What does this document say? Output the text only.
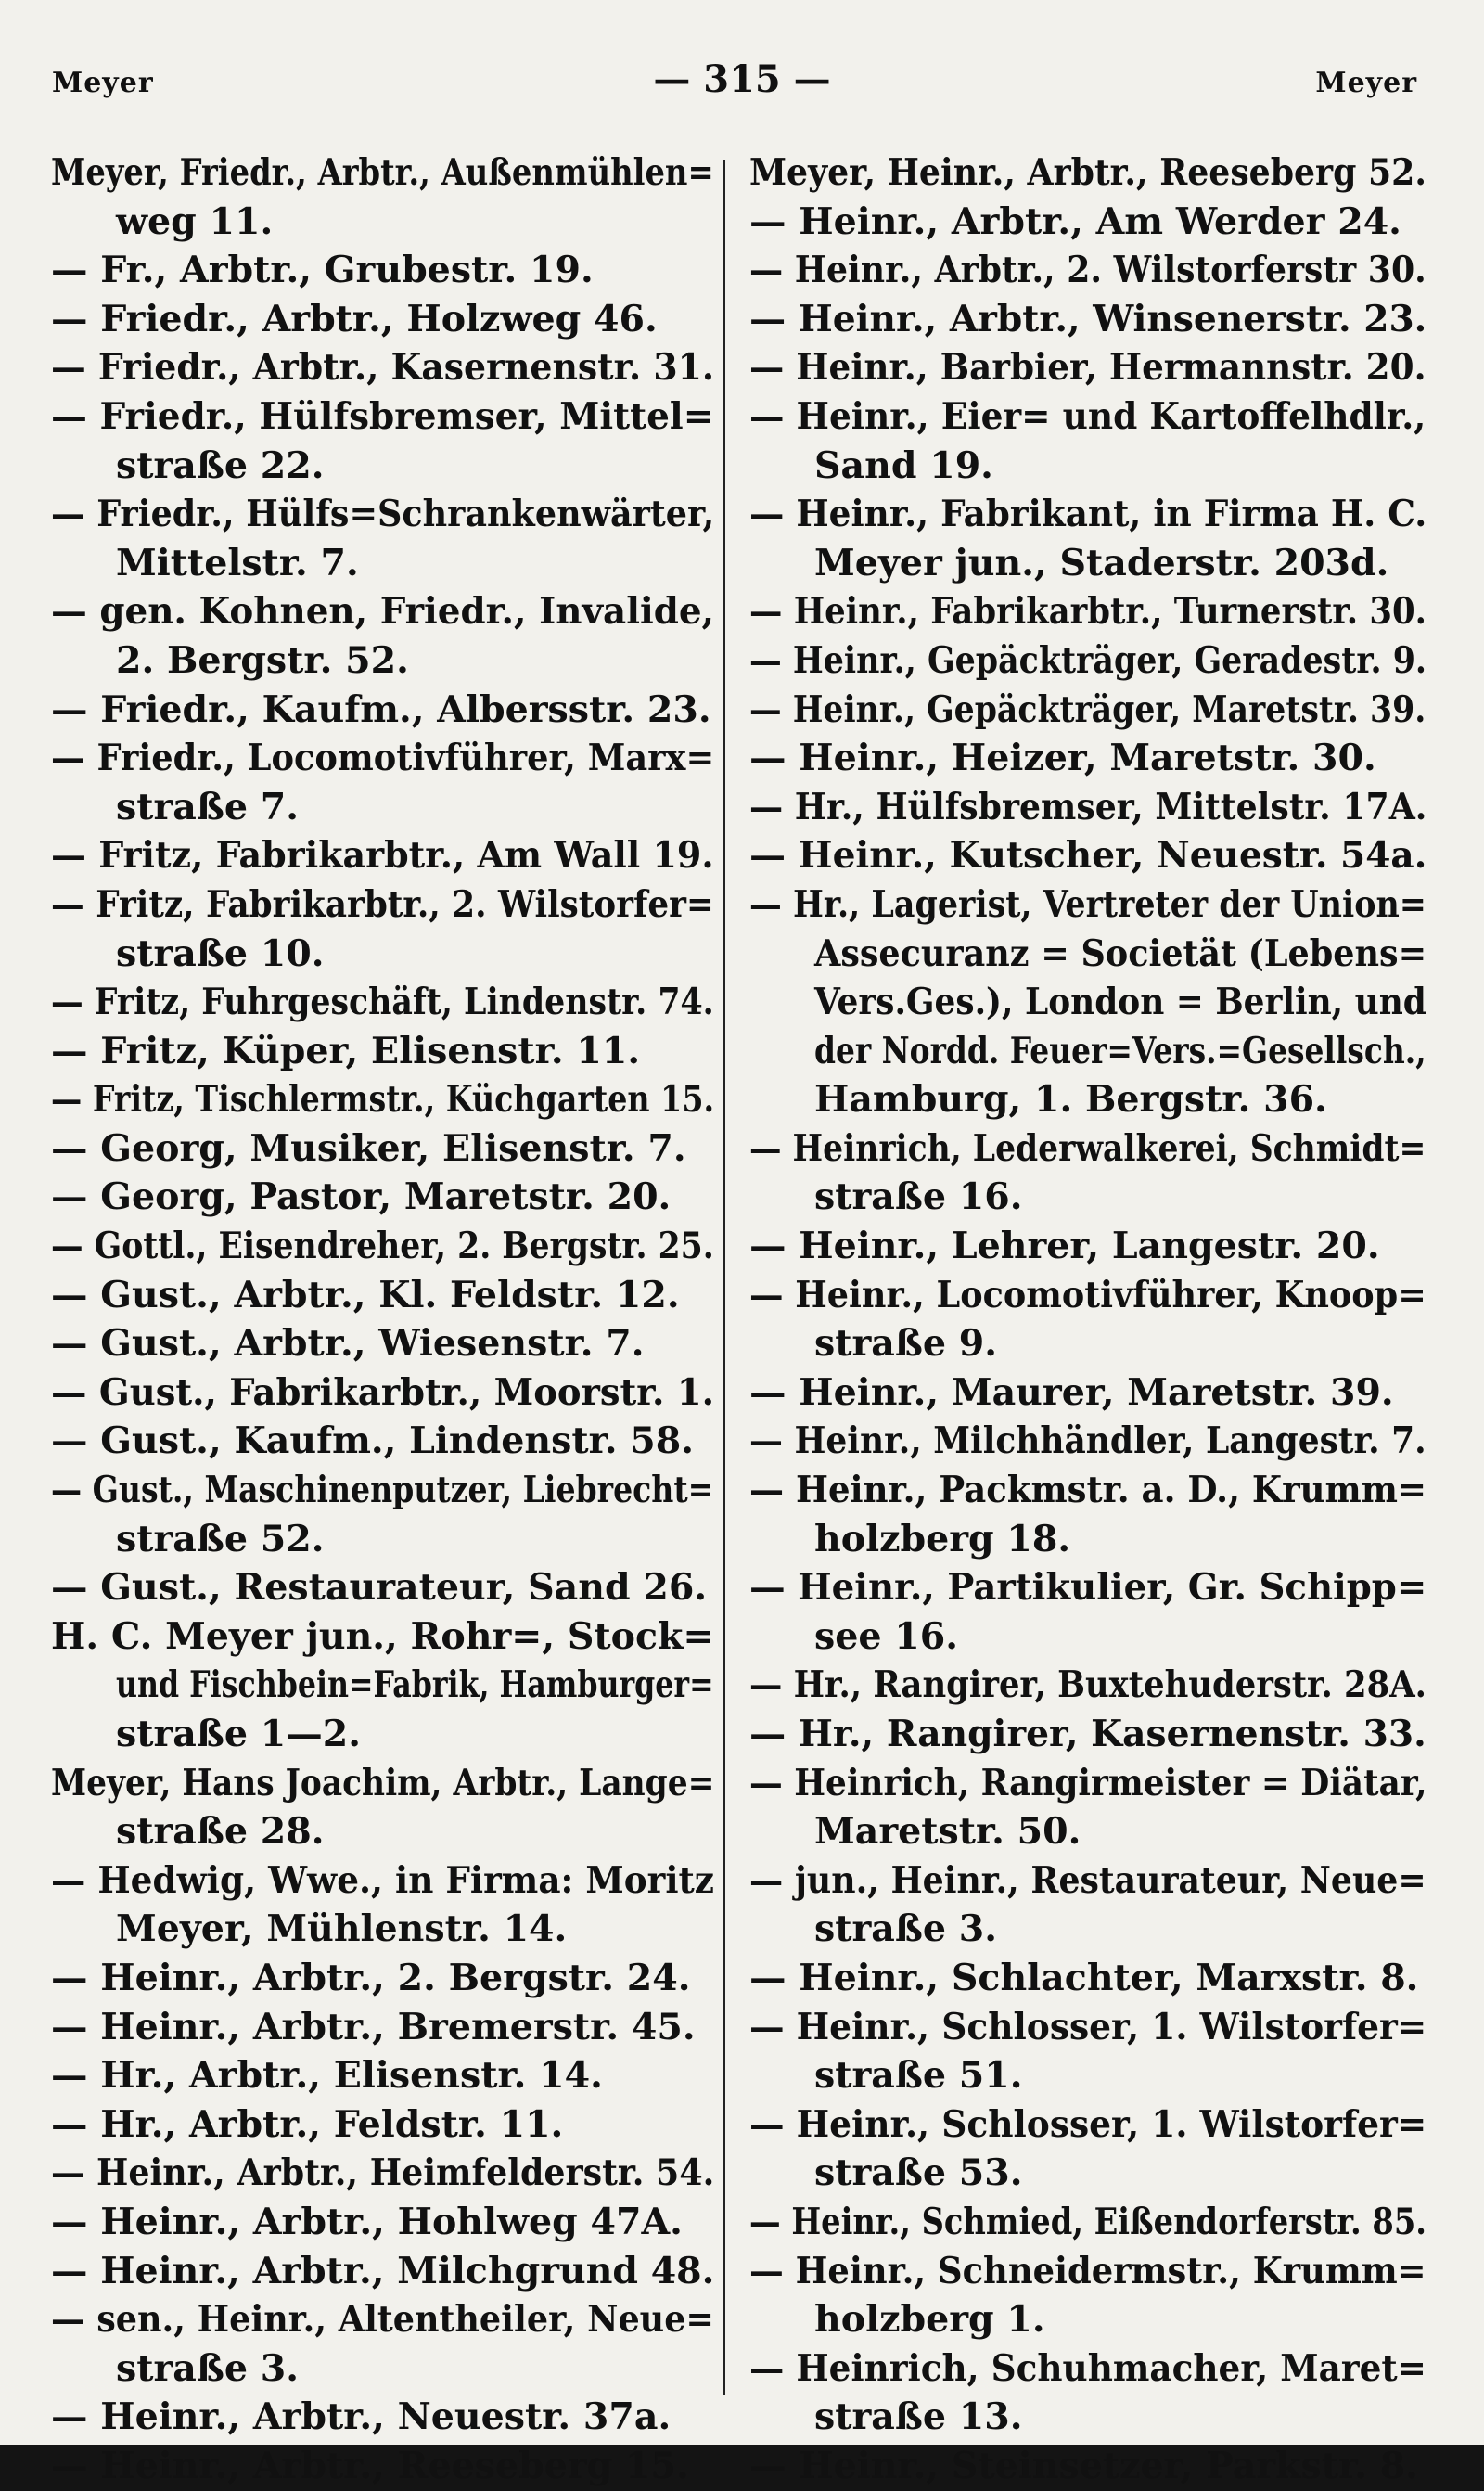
Meyer	— 315 —	Meyer
Meyer, Friedr., Arbtr., Außenmühlen=
weg 11.
— Fr., Arbtr., Grubestr. 19.
— Friedr., Arbtr., Holzweg 46.
— Friedr., Arbtr., Kasernenstr. 31.
— Friedr., Hülfsbremser, Mittel=
straße 22.
— Friedr., Hülfs=Schrankenwärter,
Mittelstr. 7.
— gen. Kohnen, Friedr., Invalide,
2. Bergstr. 52.
— Friedr., Kaufm., Albersstr. 23.
— Friedr., Locomotivführer, Marx=
straße 7.
— Fritz, Fabrikarbtr., Am Wall 19.
— Fritz, Fabrikarbtr., 2. Wilstorfer=
straße 10.
— Fritz, Fuhrgeschäft, Lindenstr. 74.
— Fritz, Küper, Elisenstr. 11.
— Fritz, Tischlermstr., Küchgarten 15.
— Georg, Musiker, Elisenstr. 7.
— Georg, Pastor, Maretstr. 20.
— Gottl., Eisendreher, 2. Bergstr. 25.
— Gust., Arbtr., Kl. Feldstr. 12.
— Gust., Arbtr., Wiesenstr. 7.
— Gust., Fabrikarbtr., Moorstr. 1.
— Gust., Kaufm., Lindenstr. 58.
— Gust., Maschinenputzer, Liebrecht=
straße 52.
— Gust., Restaurateur, Sand 26.
H. C. Meyer jun., Rohr=, Stock=
und Fischbein=Fabrik, Hamburger=
straße 1—2.
Meyer, Hans Joachim, Arbtr., Lange=
straße 28.
— Hedwig, Wwe., in Firma: Moritz
Meyer, Mühlenstr. 14.
— Heinr., Arbtr., 2. Bergstr. 24.
— Heinr., Arbtr., Bremerstr. 45.
— Hr., Arbtr., Elisenstr. 14.
— Hr., Arbtr., Feldstr. 11.
— Heinr., Arbtr., Heimfelderstr. 54.
— Heinr., Arbtr., Hohlweg 47A.
— Heinr., Arbtr., Milchgrund 48.
— sen., Heinr., Altentheiler, Neue=
straße 3.
— Heinr., Arbtr., Neuestr. 37a.
— Heinr., Arbtr., Reeseberg 15.
Meyer, Heinr., Arbtr., Reeseberg 52.
— Heinr., Arbtr., Am Werder 24.
— Heinr., Arbtr., 2. Wilstorferstr 30.
— Heinr., Arbtr., Winsenerstr. 23.
— Heinr., Barbier, Hermannstr. 20.
— Heinr., Eier= und Kartoffelhdlr.,
Sand 19.
— Heinr., Fabrikant, in Firma H. C.
Meyer jun., Staderstr. 203d.
— Heinr., Fabrikarbtr., Turnerstr. 30.
— Heinr., Gepäckträger, Geradestr. 9.
— Heinr., Gepäckträger, Maretstr. 39.
— Heinr., Heizer, Maretstr. 30.
— Hr., Hülfsbremser, Mittelstr. 17A.
— Heinr., Kutscher, Neuestr. 54a.
— Hr., Lagerist, Vertreter der Union=
Assecuranz = Societät (Lebens=
Vers.Ges.), London = Berlin, und
der Nordd. Feuer=Vers.=Gesellsch.,
Hamburg, 1. Bergstr. 36.
— Heinrich, Lederwalkerei, Schmidt=
straße 16.
— Heinr., Lehrer, Langestr. 20.
— Heinr., Locomotivführer, Knoop=
straße 9.
— Heinr., Maurer, Maretstr. 39.
— Heinr., Milchhändler, Langestr. 7.
— Heinr., Packmstr. a. D., Krumm=
holzberg 18.
— Heinr., Partikulier, Gr. Schipp=
see 16.
— Hr., Rangirer, Buxtehuderstr. 28A.
— Hr., Rangirer, Kasernenstr. 33.
— Heinrich, Rangirmeister = Diätar,
Maretstr. 50.
— jun., Heinr., Restaurateur, Neue=
straße 3.
— Heinr., Schlachter, Marxstr. 8.
— Heinr., Schlosser, 1. Wilstorfer=
straße 51.
— Heinr., Schlosser, 1. Wilstorfer=
straße 53.
— Heinr., Schmied, Eißendorferstr. 85.
— Heinr., Schneidermstr., Krumm=
holzberg 1.
— Heinrich, Schuhmacher, Maret=
straße 13.
— Heinr., Steinsetzer, Parkstr. 8.
